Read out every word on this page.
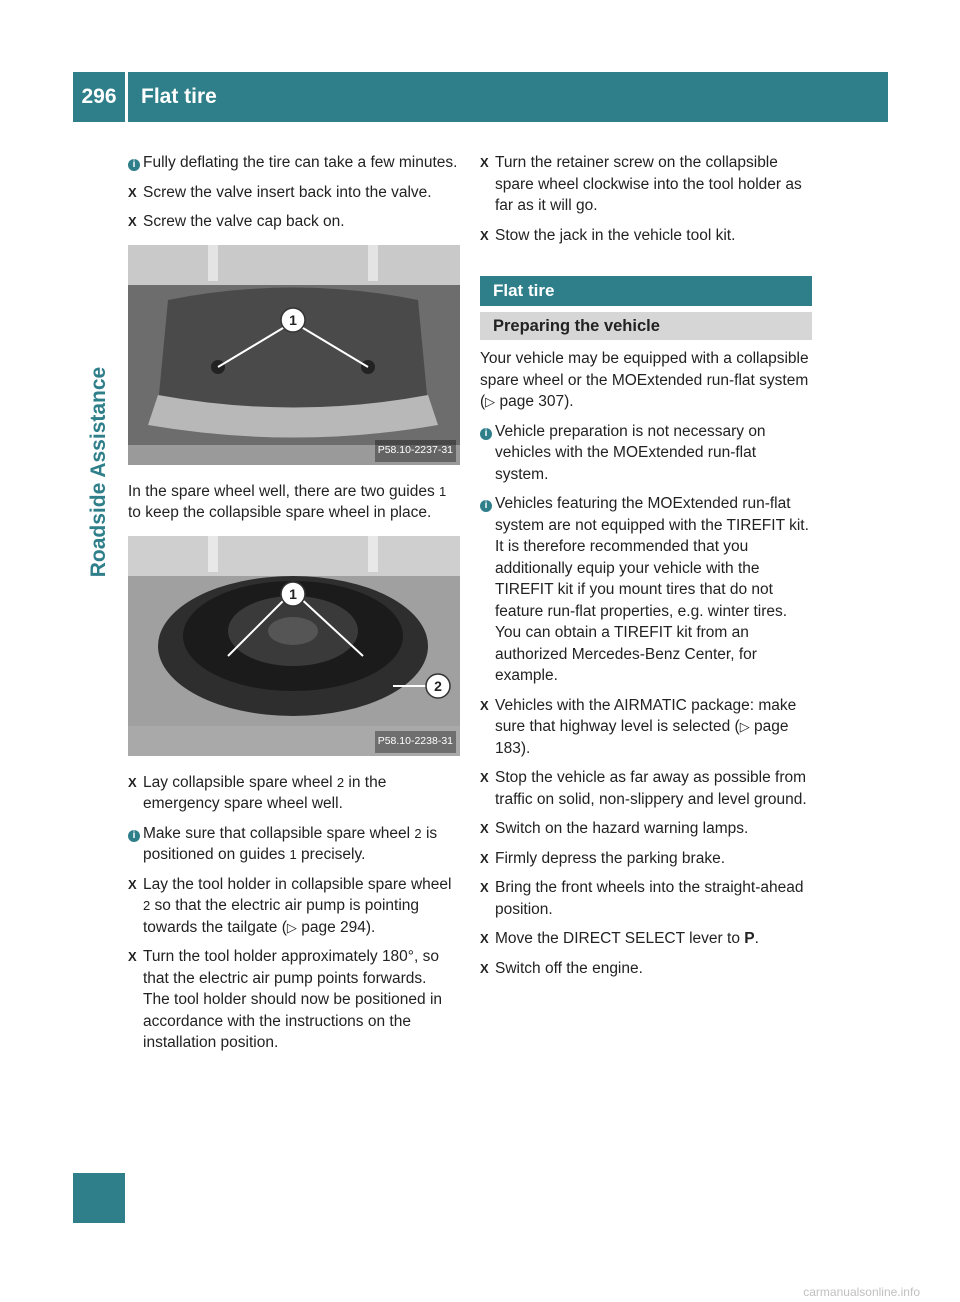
296	Flat tire
Roadside Assistance
i Fully deflating the tire can take a few minutes.
X Screw the valve insert back into the valve.
X Screw the valve cap back on.
1
P58.10-2237-31
In the spare wheel well, there are two guides 1 to keep the collapsible spare wheel in place.
1
2
P58.10-2238-31
X Lay collapsible spare wheel 2 in the emergency spare wheel well.
i Make sure that collapsible spare wheel 2 is positioned on guides 1 precisely.
X Lay the tool holder in collapsible spare wheel 2 so that the electric air pump is pointing towards the tailgate (▷ page 294).
X Turn the tool holder approximately 180°, so that the electric air pump points forwards.
The tool holder should now be positioned in accordance with the instructions on the installation position.
X Turn the retainer screw on the collapsible spare wheel clockwise into the tool holder as far as it will go.
X Stow the jack in the vehicle tool kit.
Flat tire
Preparing the vehicle
Your vehicle may be equipped with a collapsible spare wheel or the MOExtended run-flat system (▷ page 307).
i Vehicle preparation is not necessary on vehicles with the MOExtended run-flat system.
i Vehicles featuring the MOExtended run-flat system are not equipped with the TIREFIT kit. It is therefore recommended that you additionally equip your vehicle with the TIREFIT kit if you mount tires that do not feature run-flat properties, e.g. winter tires. You can obtain a TIREFIT kit from an authorized Mercedes-Benz Center, for example.
X Vehicles with the AIRMATIC package: make sure that highway level is selected (▷ page 183).
X Stop the vehicle as far away as possible from traffic on solid, non-slippery and level ground.
X Switch on the hazard warning lamps.
X Firmly depress the parking brake.
X Bring the front wheels into the straight-ahead position.
X Move the DIRECT SELECT lever to P.
X Switch off the engine.
carmanualsonline.info
